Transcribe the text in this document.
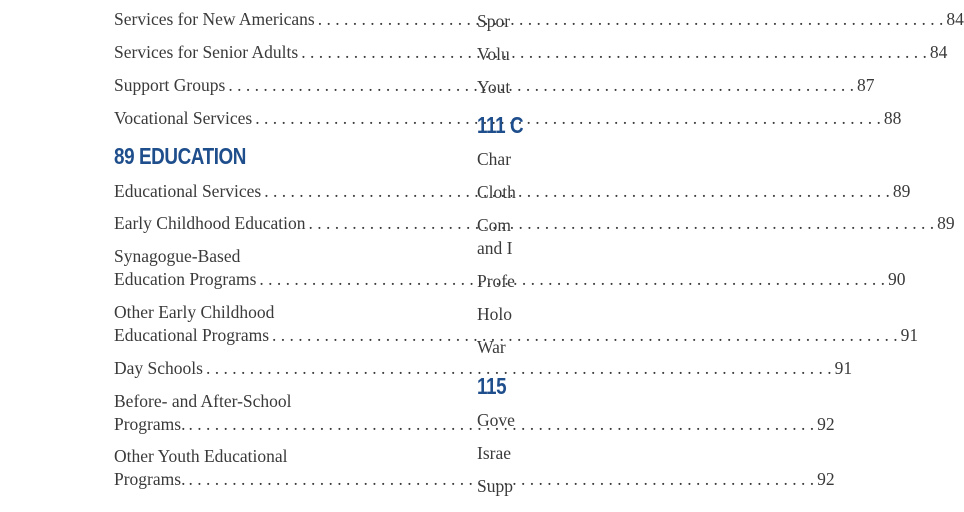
Services for New Americans . . .	84
Services for Senior Adults . . .	84
Support Groups . . .	87
Vocational Services . . .	88
89 EDUCATION
Educational Services . . .	89
Early Childhood Education . . .	89
Synagogue-Based
Education Programs . . .	90
Other Early Childhood
Educational Programs . . .	91
Day Schools . . .	91
Before- and After-School
Programs. . . .	92
Other Youth Educational
Programs. . . .	92
Spor
Volu
Yout
111 C
Char
Cloth
Com
and I
Profe
Holo
War
115
Gove
Israe
Supp
